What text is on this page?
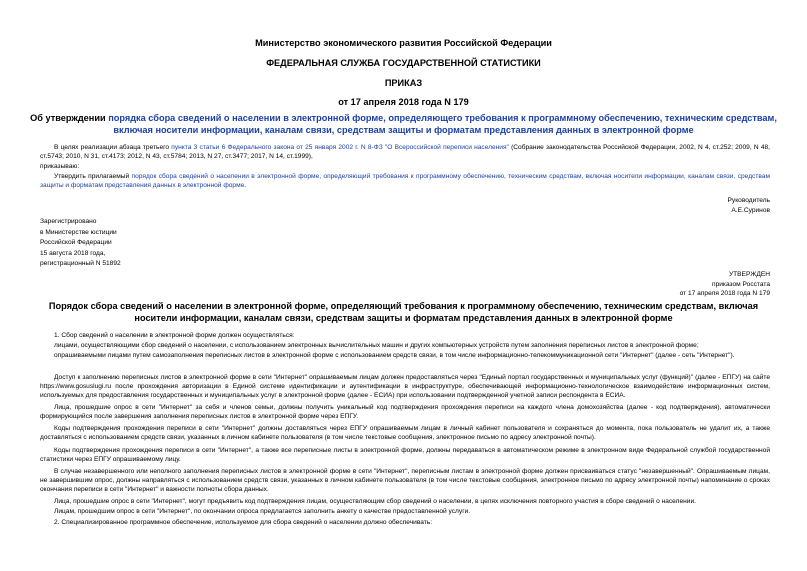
Министерство экономического развития Российской Федерации
ФЕДЕРАЛЬНАЯ СЛУЖБА ГОСУДАРСТВЕННОЙ СТАТИСТИКИ
ПРИКАЗ
от 17 апреля 2018 года N 179
Об утверждении порядка сбора сведений о населении в электронной форме, определяющего требования к программному обеспечению, техническим средствам, включая носители информации, каналам связи, средствам защиты и форматам представления данных в электронной форме
В целях реализации абзаца третьего пункта 3 статьи 6 Федерального закона от 25 января 2002 г. N 8-ФЗ "О Всероссийской переписи населения" (Собрание законодательства Российской Федерации, 2002, N 4, ст.252; 2009, N 48, ст.5743; 2010, N 31, ст.4173; 2012, N 43, ст.5784; 2013, N 27, ст.3477; 2017, N 14, ст.1999),
приказываю:
Утвердить прилагаемый порядок сбора сведений о населении в электронной форме, определяющий требования к программному обеспечению, техническим средствам, включая носители информации, каналам связи, средствам защиты и форматам представления данных в электронной форме.
Руководитель
А.Е.Суринов
Зарегистрировано
в Министерстве юстиции
Российской Федерации
15 августа 2018 года,
регистрационный N 51892
УТВЕРЖДЕН
приказом Росстата
от 17 апреля 2018 года N 179
Порядок сбора сведений о населении в электронной форме, определяющий требования к программному обеспечению, техническим средствам, включая носители информации, каналам связи, средствам защиты и форматам представления данных в электронной форме
1. Сбор сведений о населении в электронной форме должен осуществляться:
лицами, осуществляющими сбор сведений о населении, с использованием электронных вычислительных машин и других компьютерных устройств путем заполнения переписных листов в электронной форме;
опрашиваемыми лицами путем самозаполнения переписных листов в электронной форме с использованием средств связи, в том числе информационно-телекоммуникационной сети "Интернет" (далее - сеть "Интернет").
Доступ к заполнению переписных листов в электронной форме в сети "Интернет" опрашиваемым лицам должен предоставляться через "Единый портал государственных и муниципальных услуг (функций)" (далее - ЕПГУ) на сайте https://www.gosuslugi.ru после прохождения авторизации в Единой системе идентификации и аутентификации в инфраструктуре, обеспечивающей информационно-технологическое взаимодействие информационных систем, используемых для предоставления государственных и муниципальных услуг в электронной форме (далее - ЕСИА) при использовании подтвержденной учетной записи респондента в ЕСИА.
Лица, прошедшие опрос в сети "Интернет" за себя и членов семьи, должны получить уникальный код подтверждения прохождения переписи на каждого члена домохозяйства (далее - код подтверждения), автоматически формирующийся после завершения заполнения переписных листов в электронной форме через ЕПГУ.
Коды подтверждения прохождения переписи в сети "Интернет" должны доставляться через ЕПГУ опрашиваемым лицам в личный кабинет пользователя и сохраняться до момента, пока пользователь не удалит их, а также доставляться с использованием средств связи, указанных в личном кабинете пользователя (в том числе текстовые сообщения, электронное письмо по адресу электронной почты).
Коды подтверждения прохождения переписи в сети "Интернет", а также все переписные листы в электронной форме, должны передаваться в автоматическом режиме в электронном виде Федеральной службой государственной статистики через ЕПГУ опрашиваемому лицу.
В случае незавершенного или неполного заполнения переписных листов в электронной форме в сети "Интернет", переписным листам в электронной форме должен присваиваться статус "незавершенный". Опрашиваемым лицам, не завершившим опрос, должны направляться с использованием средств связи, указанных в личном кабинете пользователя (в том числе текстовые сообщения, электронное письмо по адресу электронной почты) напоминание о сроках окончания переписи в сети "Интернет" и важности полноты сбора данных.
Лица, прошедшие опрос в сети "Интернет", могут предъявить код подтверждения лицам, осуществляющим сбор сведений о населении, в целях исключения повторного участия в сборе сведений о населении.
Лицам, прошедшим опрос в сети "Интернет", по окончании опроса предлагается заполнить анкету о качестве предоставленной услуги.
2. Специализированное программное обеспечение, используемое для сбора сведений о населении должно обеспечивать:
